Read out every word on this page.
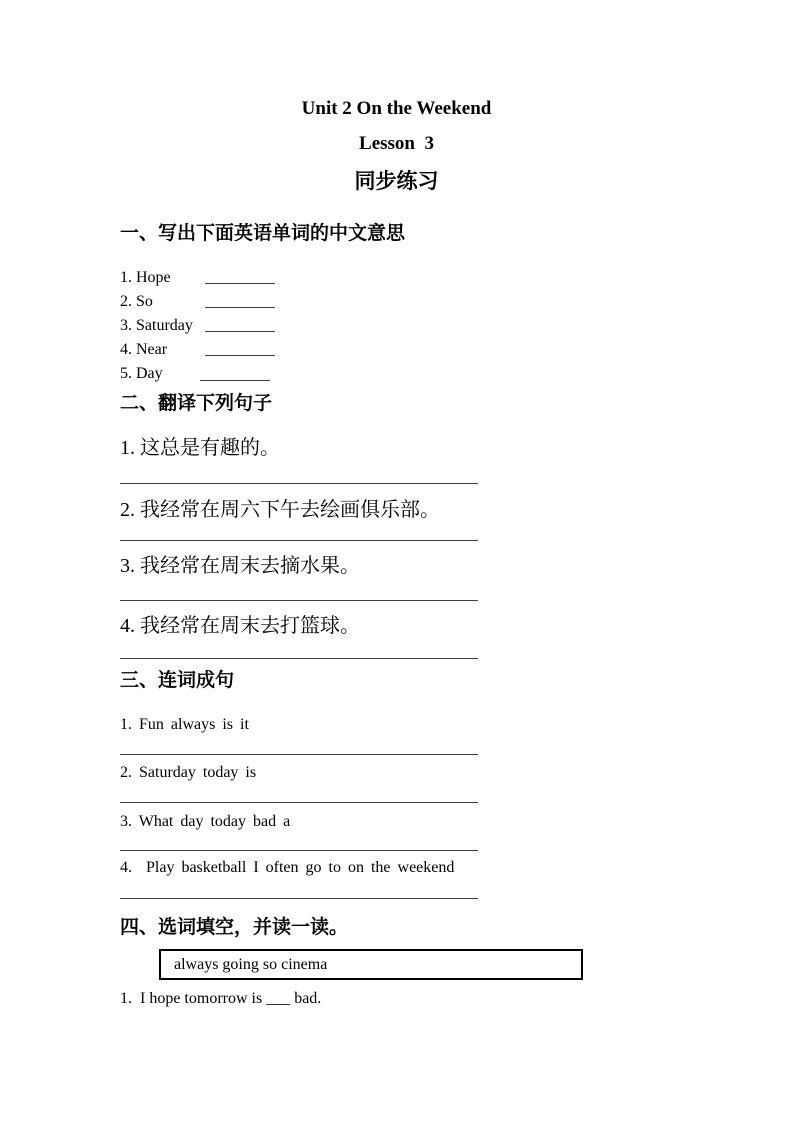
Unit 2 On the Weekend
Lesson  3
同步练习
一、写出下面英语单词的中文意思
1. Hope
2. So
3. Saturday
4. Near
5. Day
二、翻译下列句子
1. 这总是有趣的。
2. 我经常在周六下午去绘画俱乐部。
3. 我经常在周末去摘水果。
4. 我经常在周末去打篮球。
三、连词成句
1. Fun always is it
2. Saturday today is
3. What day today bad a
4.  Play basketball I often go to on the weekend
四、选词填空，并读一读。
always going so cinema
1.  I hope tomorrow is ___ bad.
